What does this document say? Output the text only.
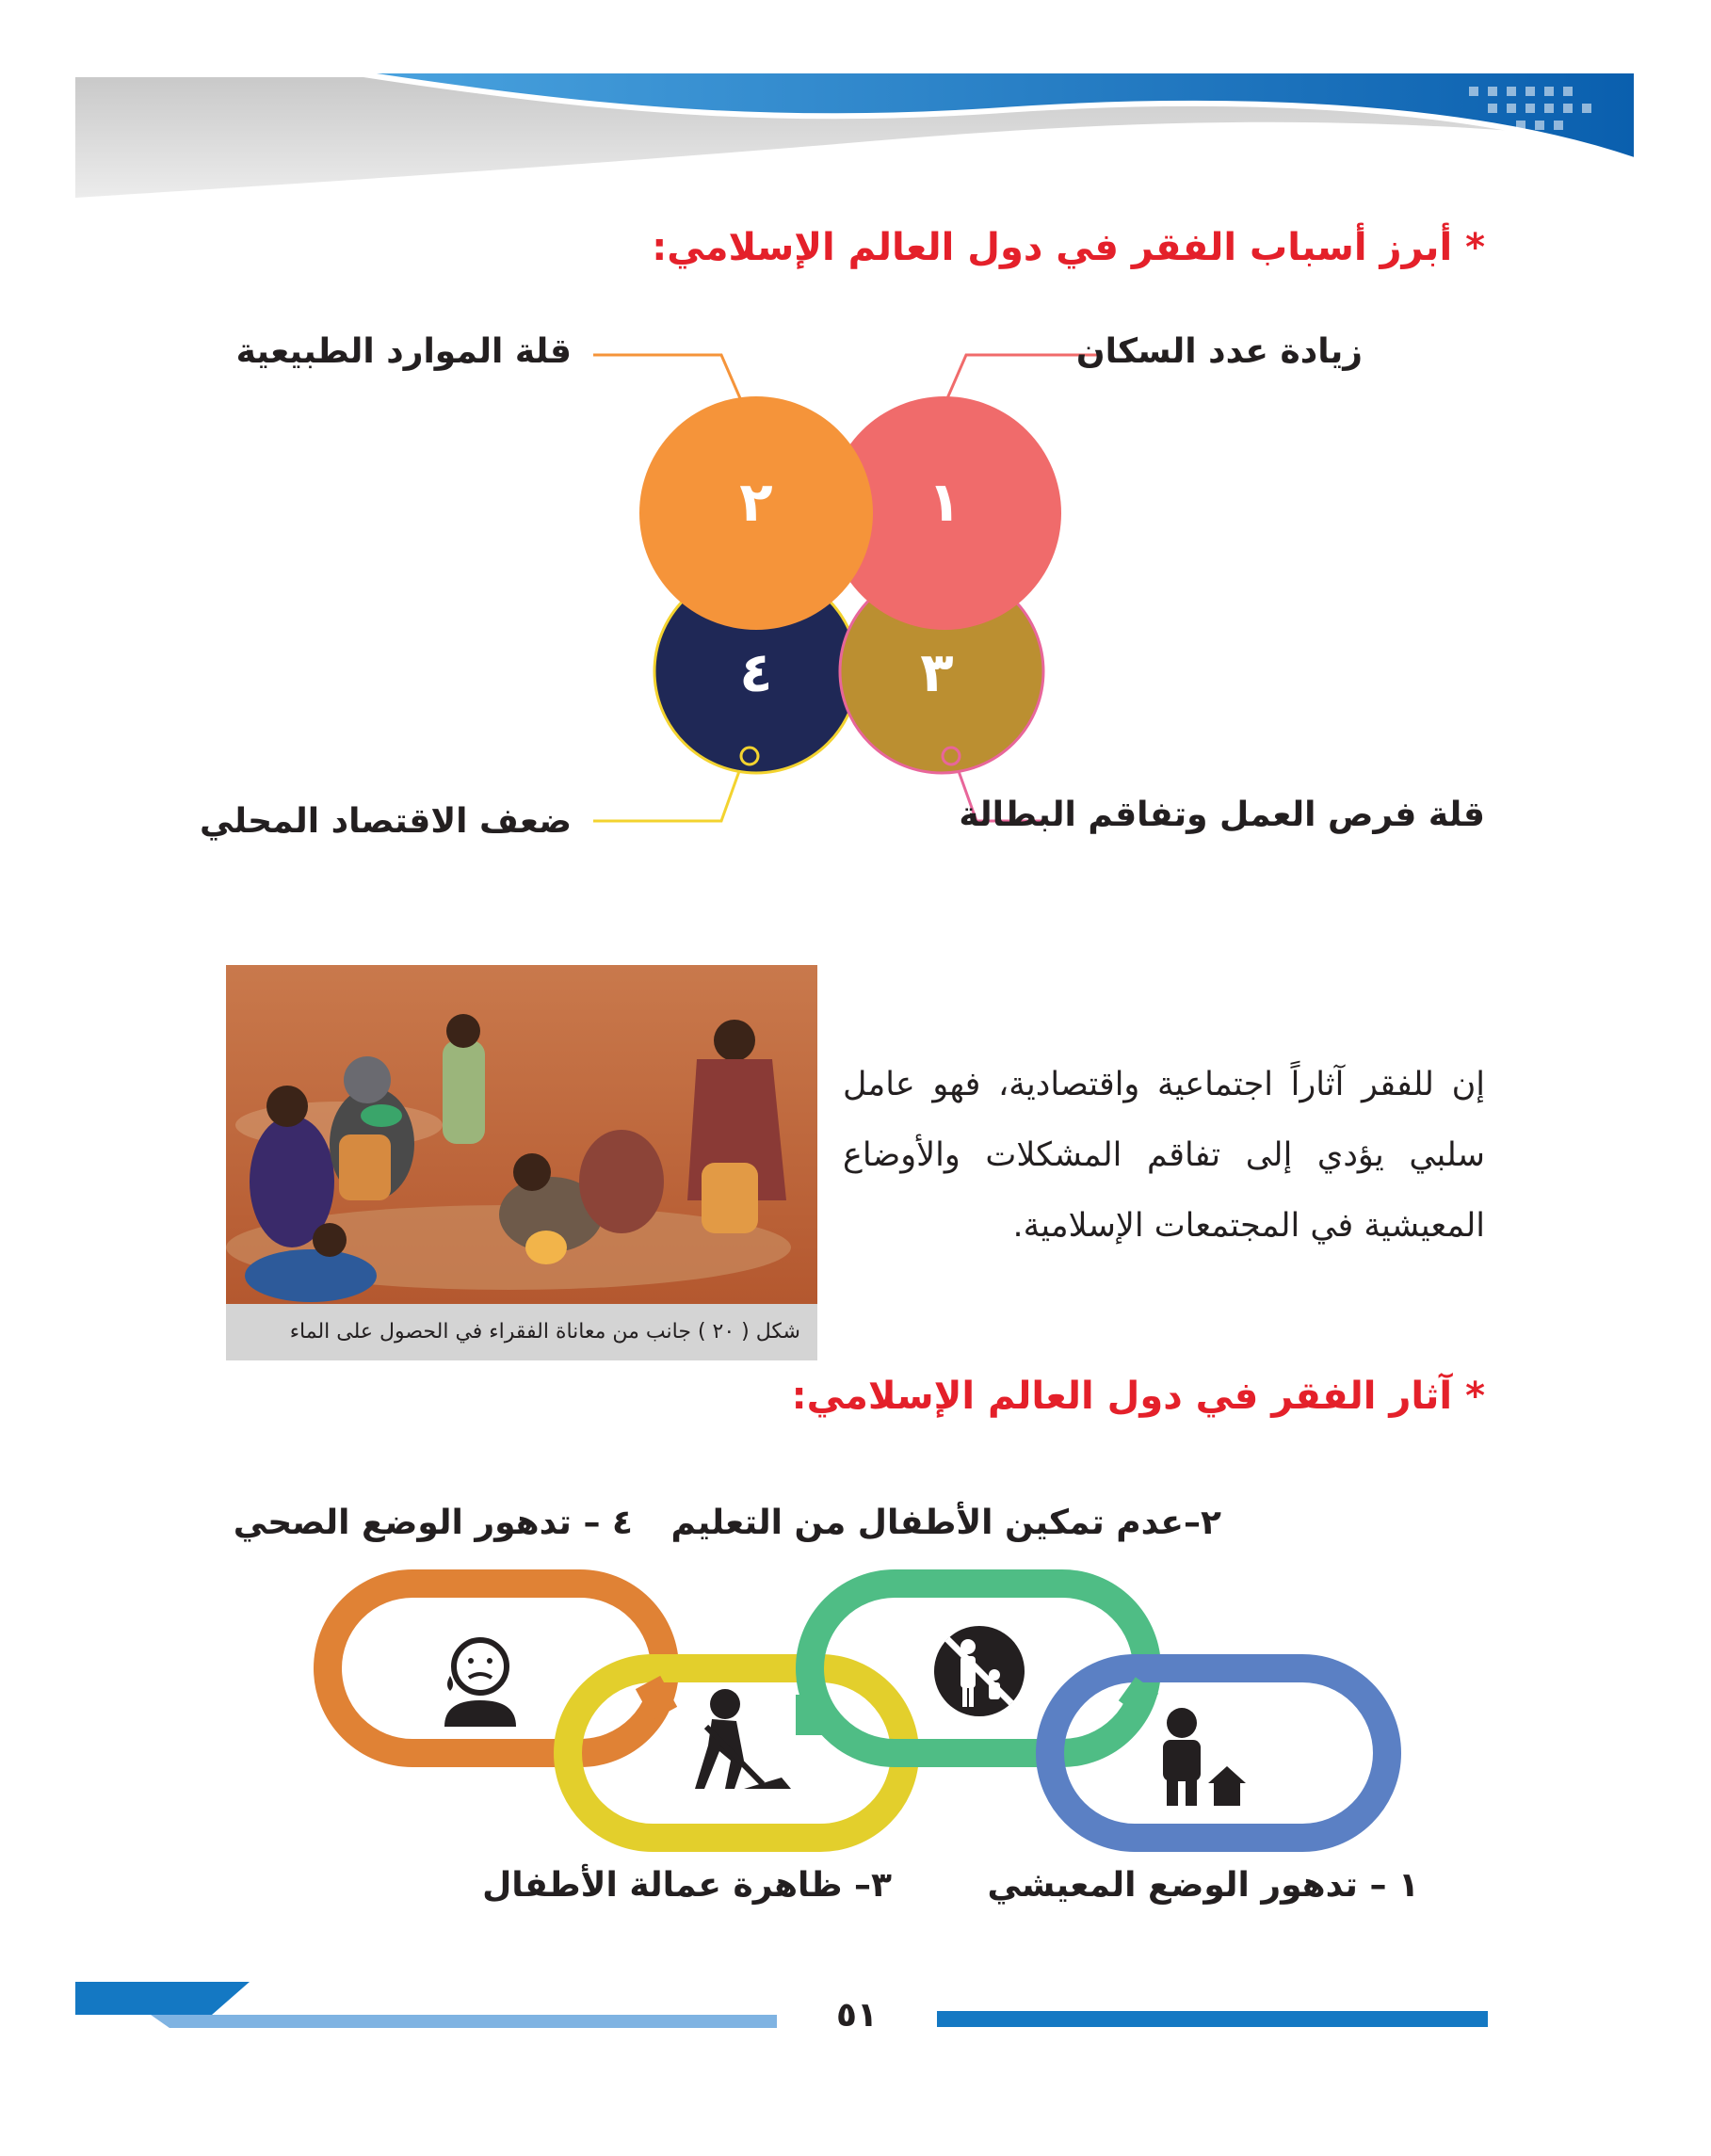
* أبرز أسباب الفقر في دول العالم الإسلامي:
١
٢
٣
٤
زيادة عدد السكان
قلة الموارد الطبيعية
قلة فرص العمل وتفاقم البطالة
ضعف الاقتصاد المحلي
شكل ( ٢٠ ) جانب من معاناة الفقراء في الحصول على الماء
إن للفقر آثاراً اجتماعية واقتصادية، فهو عامل سلبي يؤدي إلى تفاقم المشكلات والأوضاع المعيشية في المجتمعات الإسلامية.
* آثار الفقر في دول العالم الإسلامي:
٤ – تدهور الوضع الصحي ٢–عدم تمكين الأطفال من التعليم
٣– ظاهرة عمالة الأطفال	١ – تدهور الوضع المعيشي
٥١
